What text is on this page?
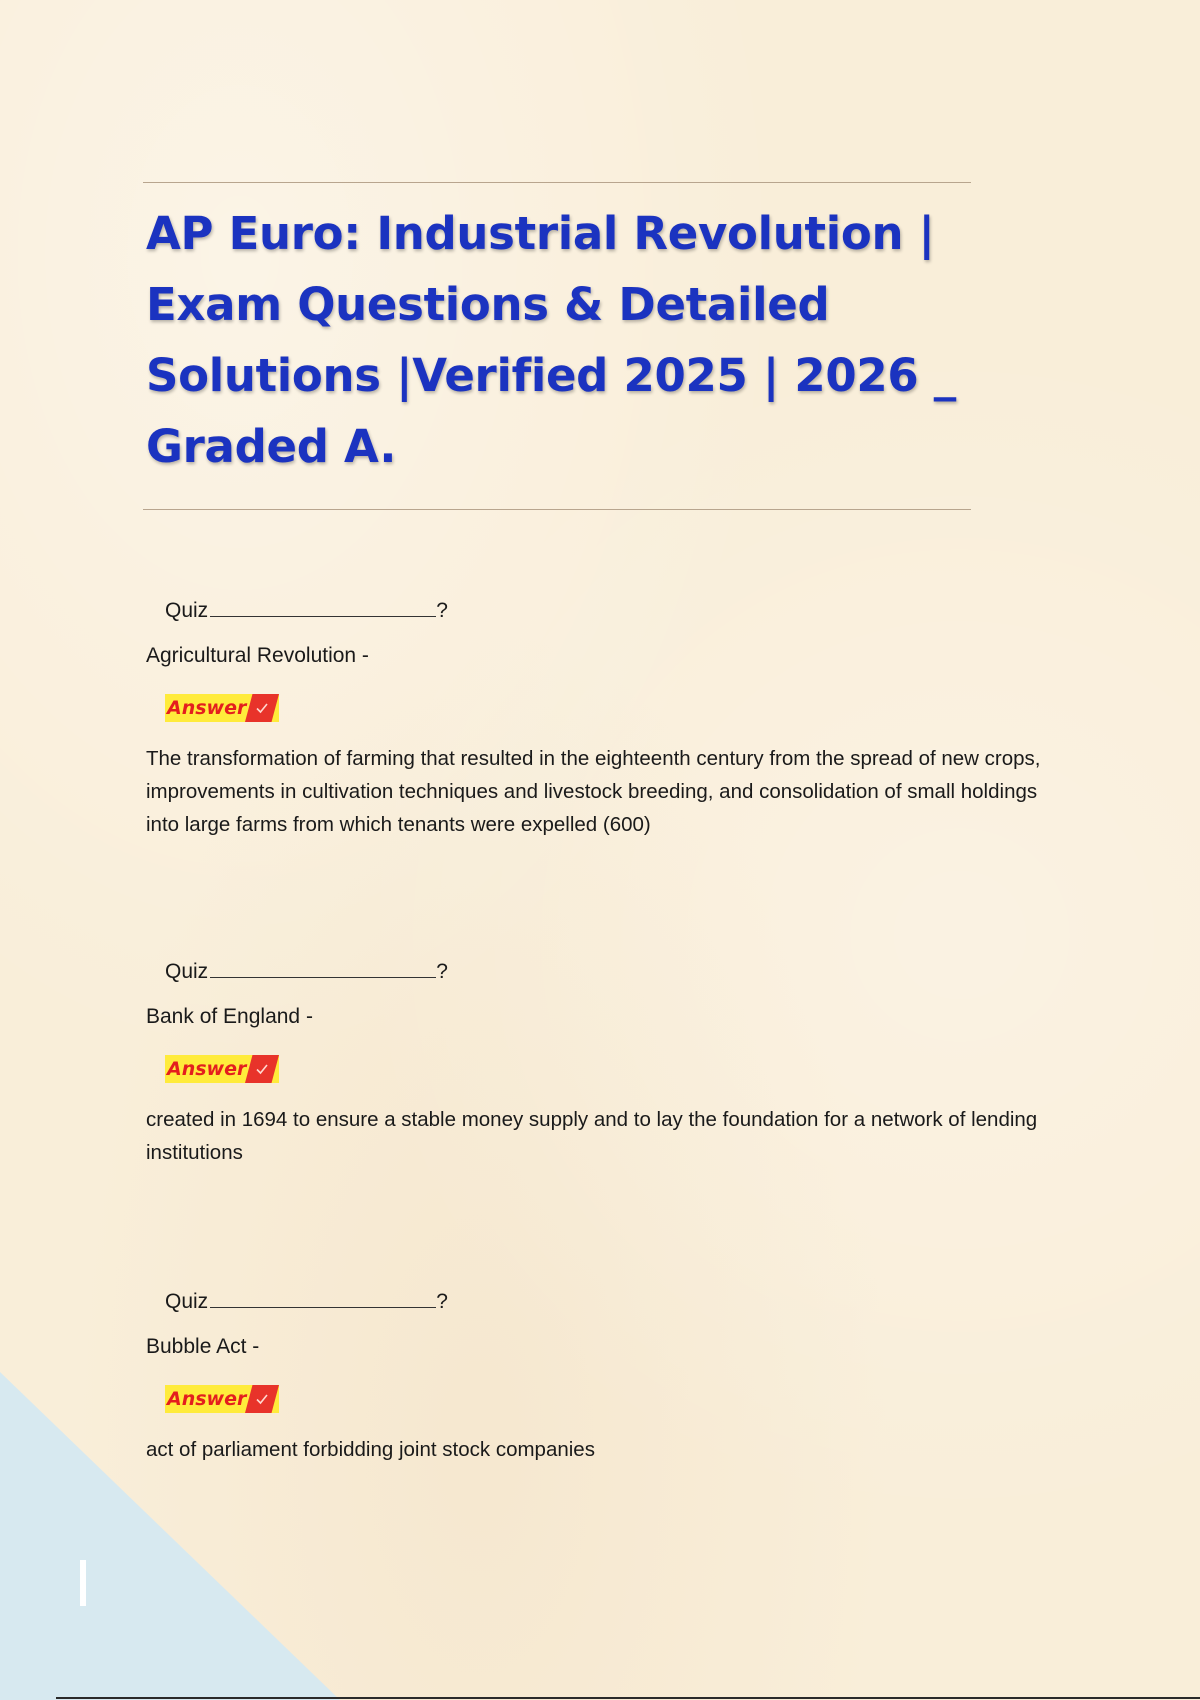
AP Euro: Industrial Revolution | Exam Questions & Detailed Solutions |Verified 2025 | 2026 _ Graded A.
Quiz	?
Agricultural Revolution -
Answer

The transformation of farming that resulted in the eighteenth century from the spread of new crops, improvements in cultivation techniques and livestock breeding, and consolidation of small holdings into large farms from which tenants were expelled (600)

Quiz	?
Bank of England -
Answer

created in 1694 to ensure a stable money supply and to lay the foundation for a network of lending institutions

Quiz	?
Bubble Act -
Answer

act of parliament forbidding joint stock companies
